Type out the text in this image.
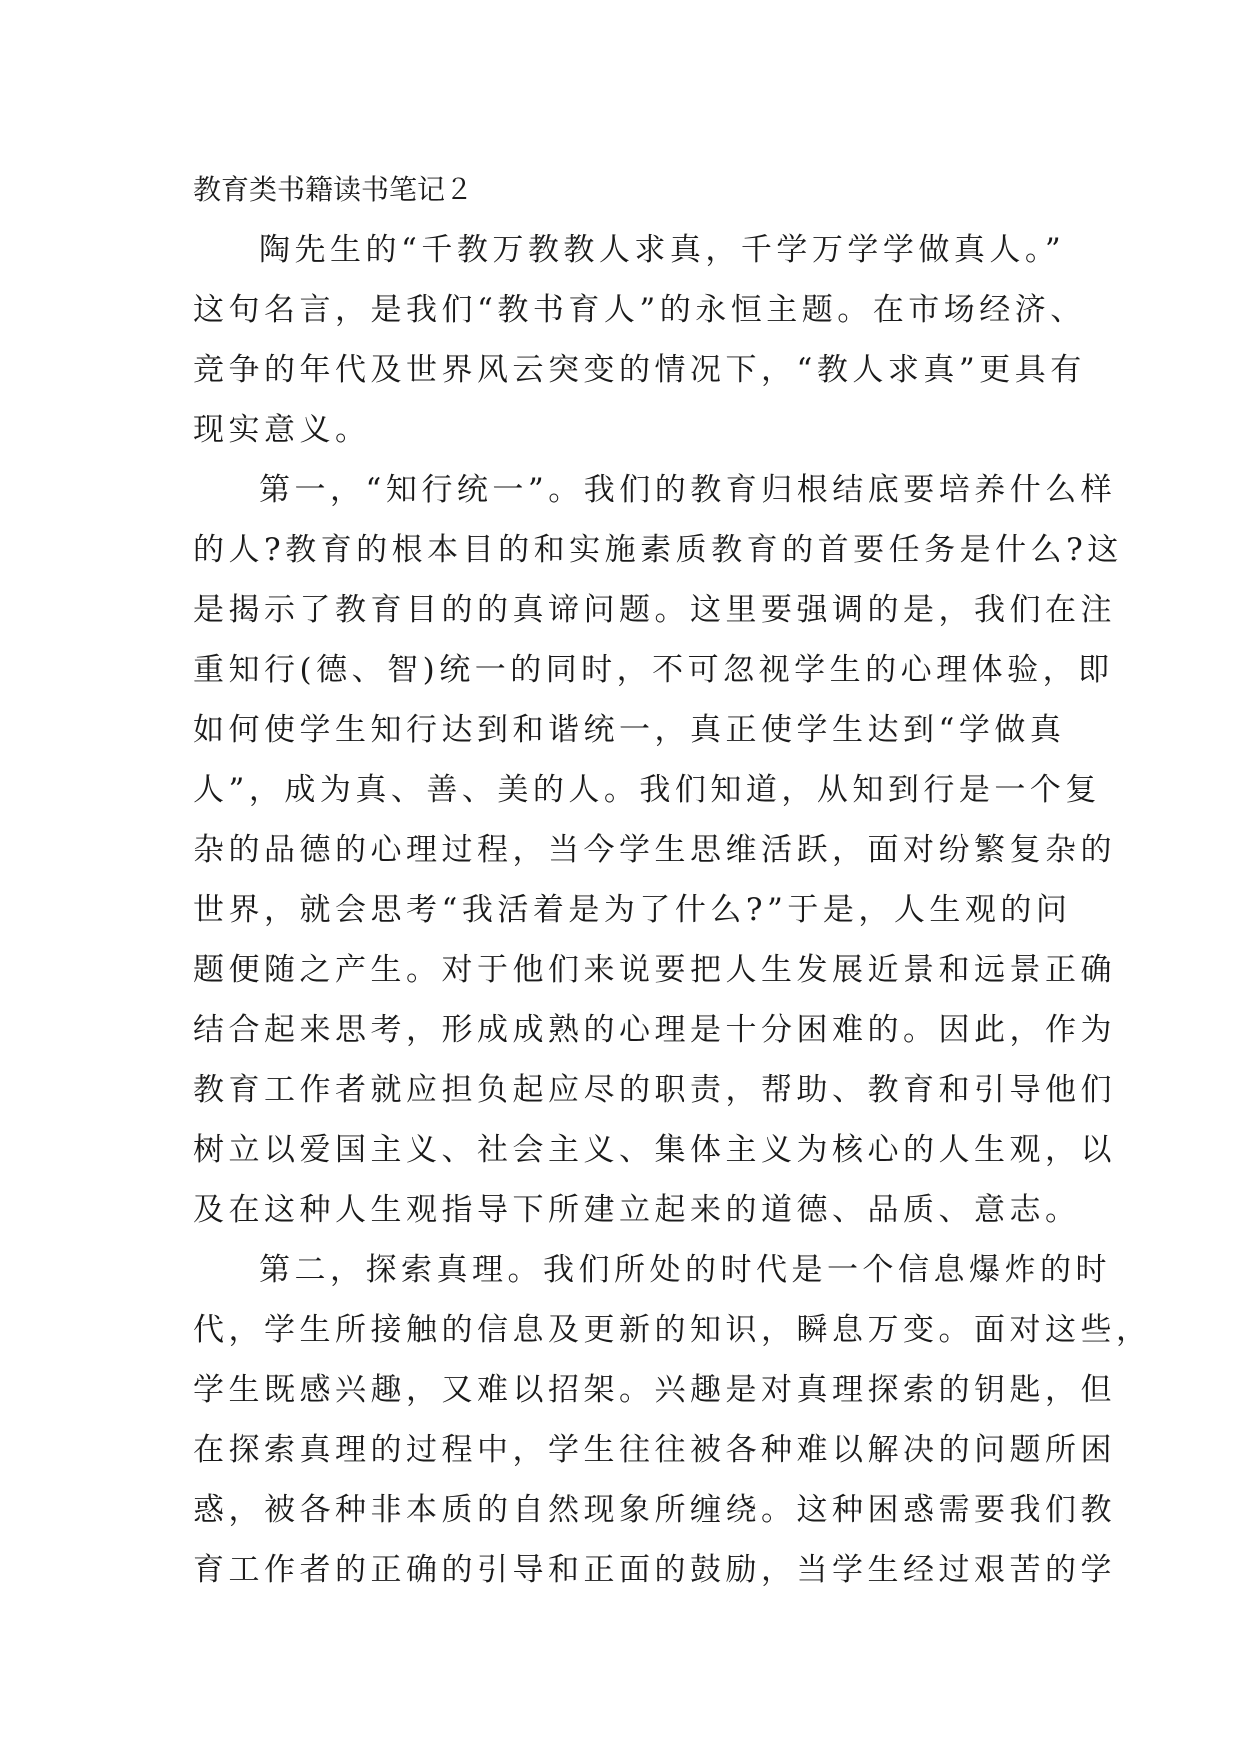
教育类书籍读书笔记２

陶先生的“千教万教教人求真，千学万学学做真人。”
这句名言，是我们“教书育人”的永恒主题。在市场经济、
竞争的年代及世界风云突变的情况下，“教人求真”更具有
现实意义。

第一，“知行统一”。我们的教育归根结底要培养什么样
的人?教育的根本目的和实施素质教育的首要任务是什么?这
是揭示了教育目的的真谛问题。这里要强调的是，我们在注
重知行(德、智)统一的同时，不可忽视学生的心理体验，即
如何使学生知行达到和谐统一，真正使学生达到“学做真
人”，成为真、善、美的人。我们知道，从知到行是一个复
杂的品德的心理过程，当今学生思维活跃，面对纷繁复杂的
世界，就会思考“我活着是为了什么?”于是，人生观的问
题便随之产生。对于他们来说要把人生发展近景和远景正确
结合起来思考，形成成熟的心理是十分困难的。因此，作为
教育工作者就应担负起应尽的职责，帮助、教育和引导他们
树立以爱国主义、社会主义、集体主义为核心的人生观，以
及在这种人生观指导下所建立起来的道德、品质、意志。

第二，探索真理。我们所处的时代是一个信息爆炸的时
代，学生所接触的信息及更新的知识，瞬息万变。面对这些，
学生既感兴趣，又难以招架。兴趣是对真理探索的钥匙，但
在探索真理的过程中，学生往往被各种难以解决的问题所困
惑，被各种非本质的自然现象所缠绕。这种困惑需要我们教
育工作者的正确的引导和正面的鼓励，当学生经过艰苦的学
